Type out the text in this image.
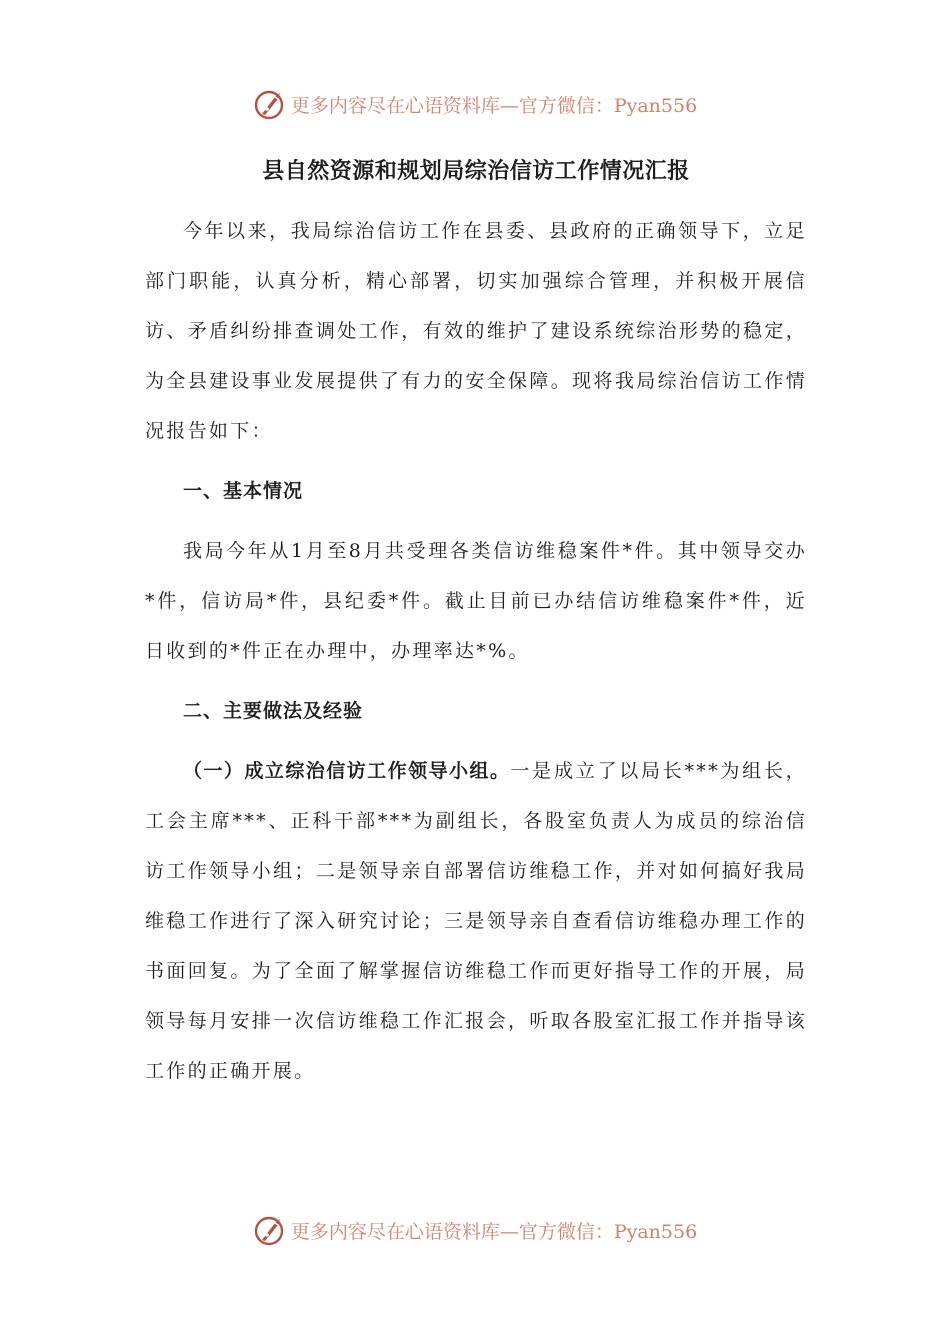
更多内容尽在心语资料库—官方微信：Pyan556
县自然资源和规划局综治信访工作情况汇报

今年以来，我局综治信访工作在县委、县政府的正确领导下，立足部门职能，认真分析，精心部署，切实加强综合管理，并积极开展信访、矛盾纠纷排查调处工作，有效的维护了建设系统综治形势的稳定，为全县建设事业发展提供了有力的安全保障。现将我局综治信访工作情况报告如下：

一、基本情况

我局今年从1月至8月共受理各类信访维稳案件*件。其中领导交办*件，信访局*件，县纪委*件。截止目前已办结信访维稳案件*件，近日收到的*件正在办理中，办理率达*%。

二、主要做法及经验

（一）成立综治信访工作领导小组。一是成立了以局长***为组长，工会主席***、正科干部***为副组长，各股室负责人为成员的综治信访工作领导小组；二是领导亲自部署信访维稳工作，并对如何搞好我局维稳工作进行了深入研究讨论；三是领导亲自查看信访维稳办理工作的书面回复。为了全面了解掌握信访维稳工作而更好指导工作的开展，局领导每月安排一次信访维稳工作汇报会，听取各股室汇报工作并指导该工作的正确开展。

更多内容尽在心语资料库—官方微信：Pyan556
